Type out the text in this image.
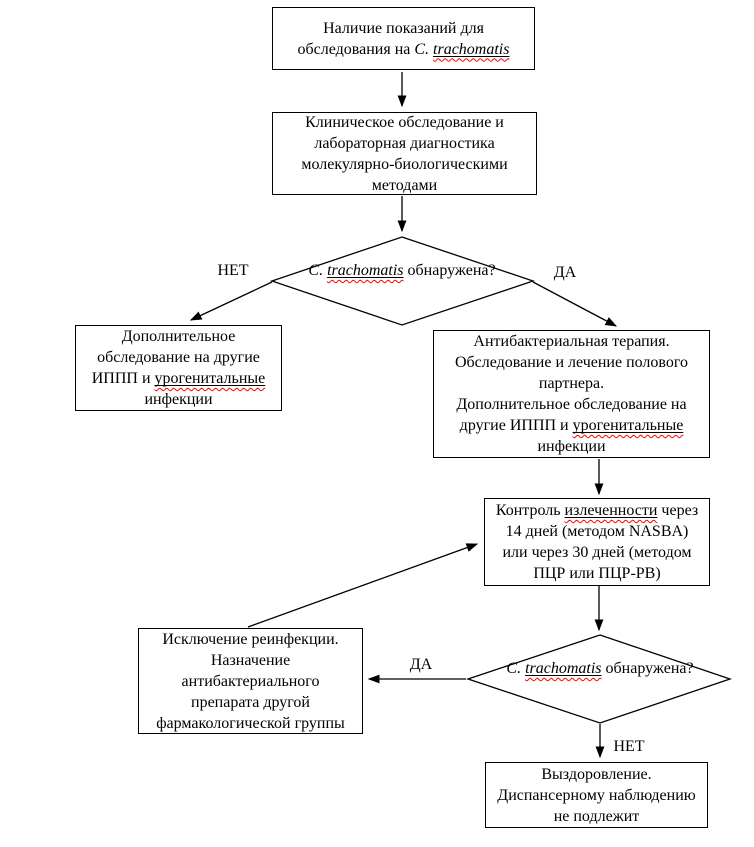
Наличие показаний для
обследования на C. trachomatis
Клиническое обследование и
лабораторная диагностика
молекулярно-биологическими
методами
Дополнительное
обследование на другие
ИППП и урогенитальные
инфекции
Антибактериальная терапия.
Обследование и лечение полового
партнера.
Дополнительное обследование на
другие ИППП и урогенитальные
инфекции
Контроль излеченности через
14 дней (методом NASBA)
или через 30 дней (методом
ПЦР или ПЦР-РВ)
Исключение реинфекции.
Назначение
антибактериального
препарата другой
фармакологической группы
Выздоровление.
Диспансерному наблюдению
не подлежит
C. trachomatis обнаружена?
C. trachomatis обнаружена?
НЕТ	ДА
ДА
НЕТ
